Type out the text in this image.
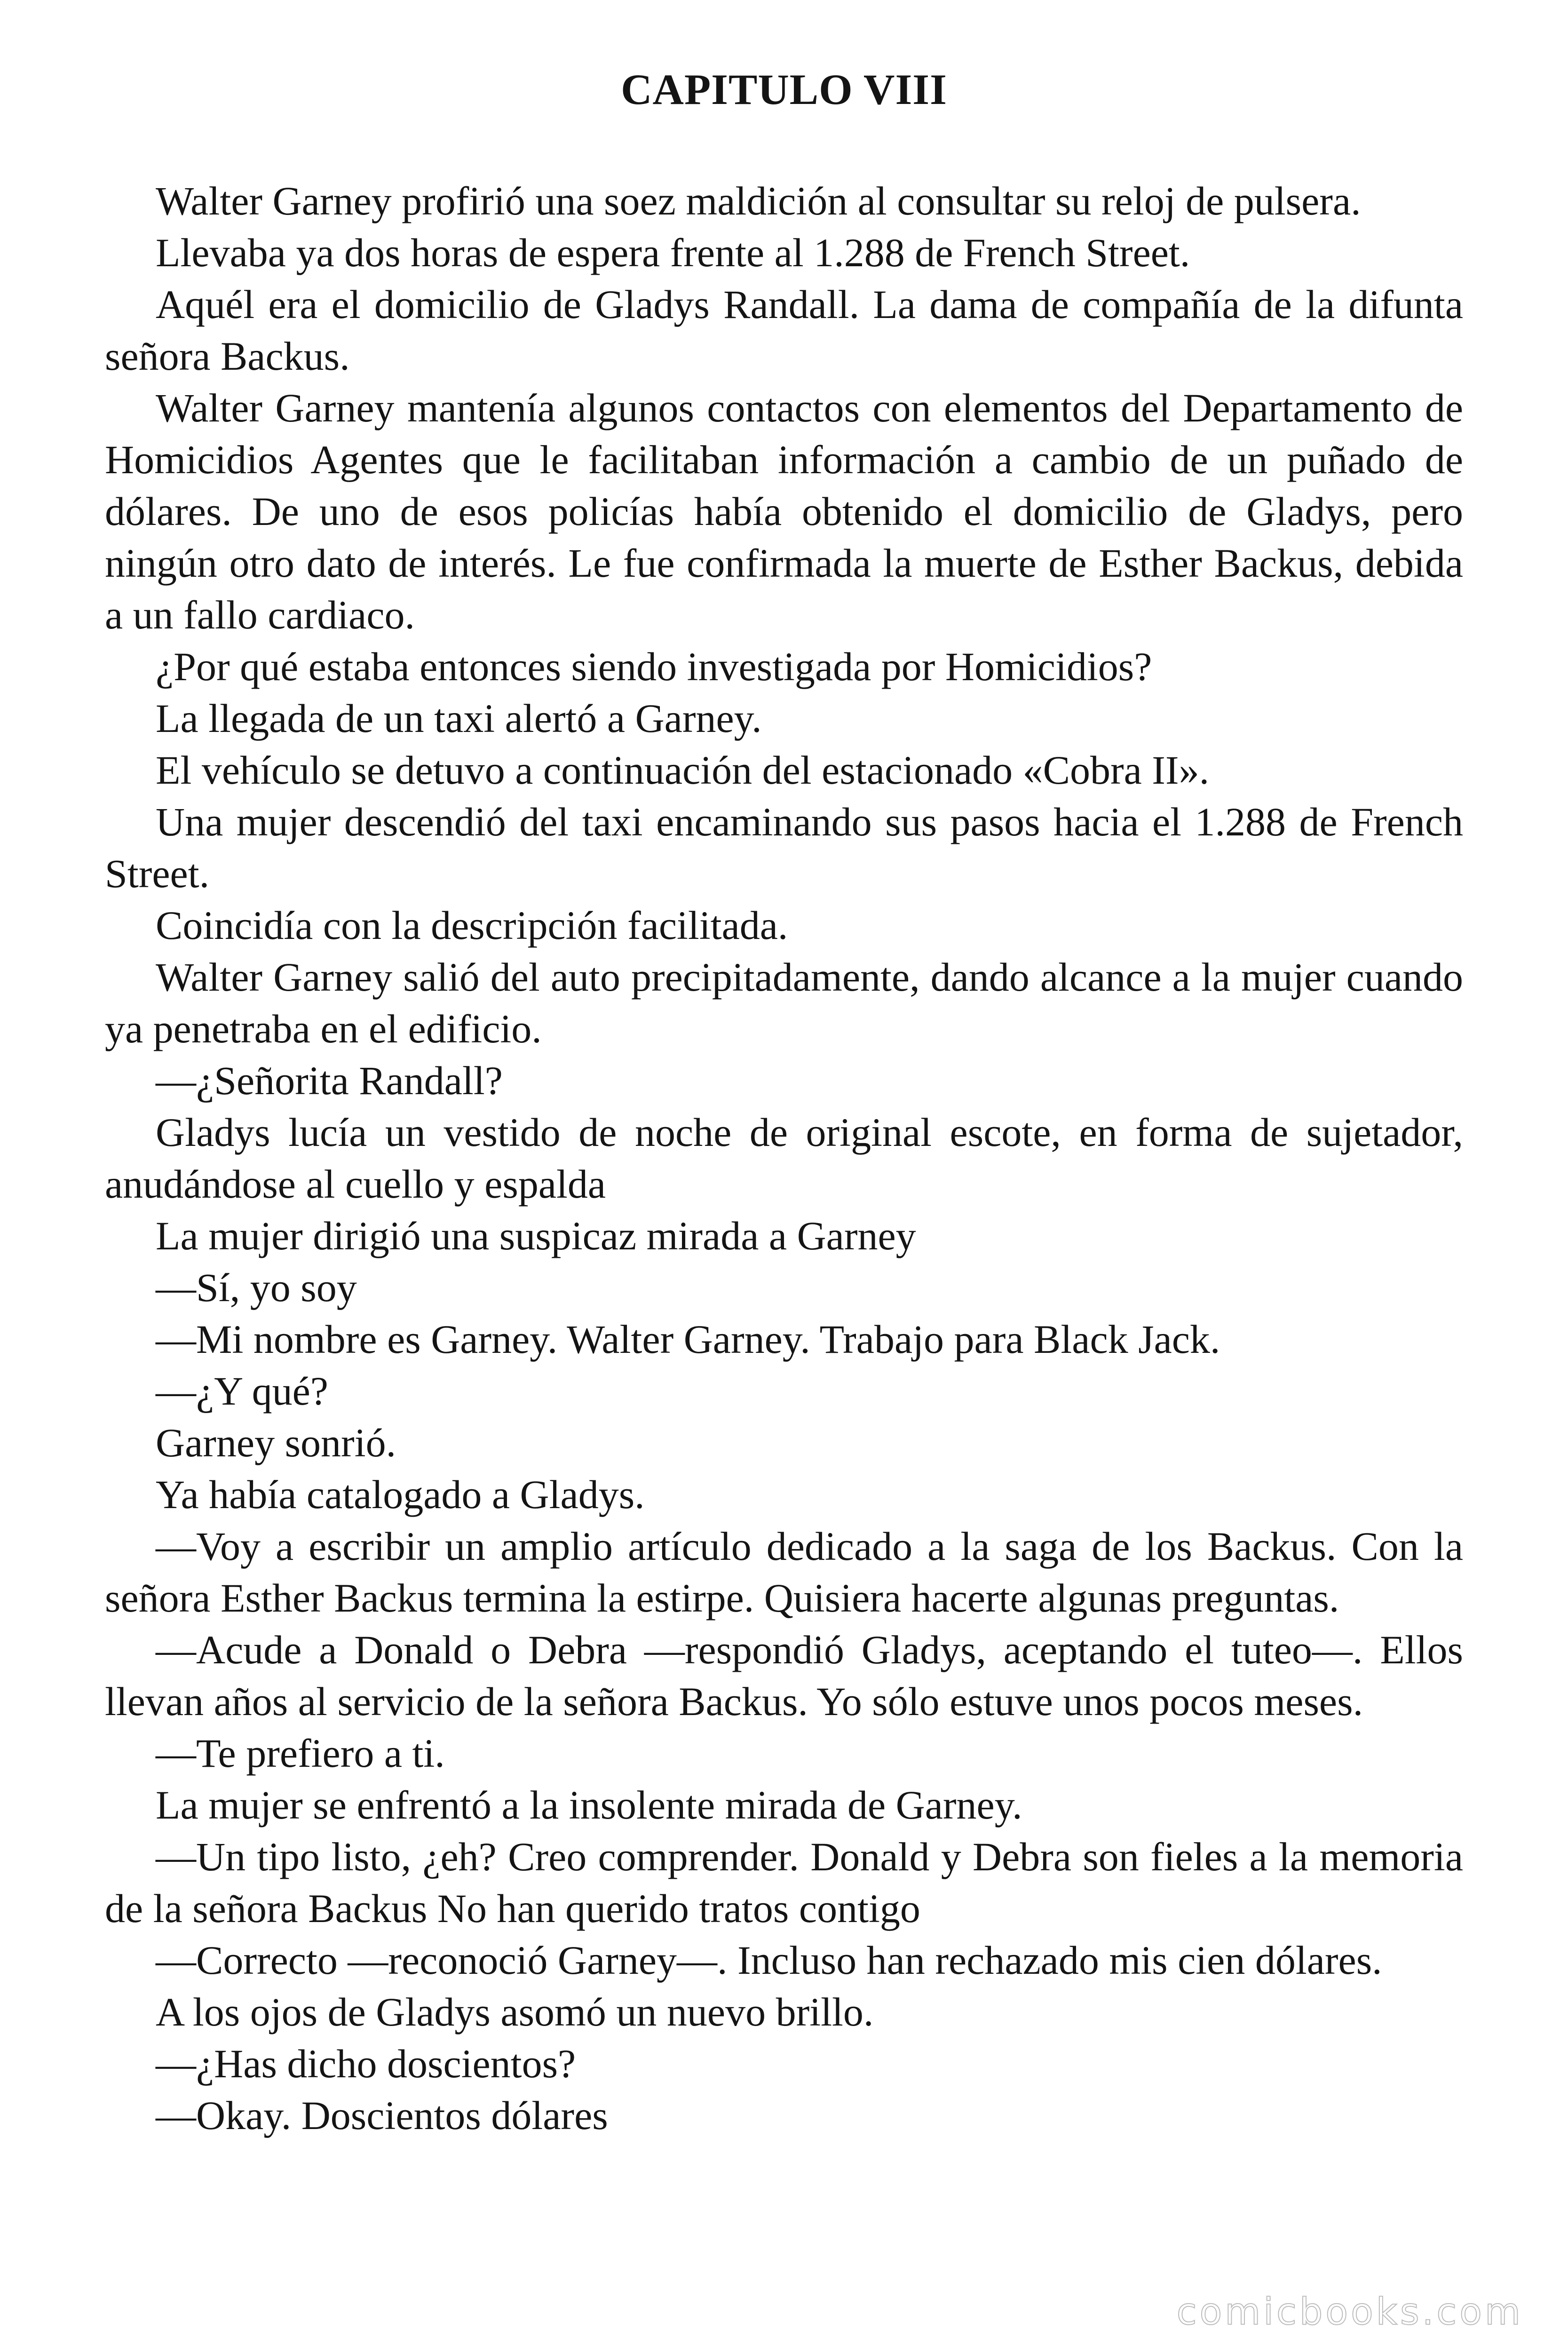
CAPITULO VIII

Walter Garney profirió una soez maldición al consultar su reloj de pulsera.

Llevaba ya dos horas de espera frente al 1.288 de French Street.

Aquél era el domicilio de Gladys Randall. La dama de compañía de la difunta señora Backus.

Walter Garney mantenía algunos contactos con elementos del Departamento de Homicidios Agentes que le facilitaban información a cambio de un puñado de dólares. De uno de esos policías había obtenido el domicilio de Gladys, pero ningún otro dato de interés. Le fue confirmada la muerte de Esther Backus, debida a un fallo cardiaco.

¿Por qué estaba entonces siendo investigada por Homicidios?

La llegada de un taxi alertó a Garney.

El vehículo se detuvo a continuación del estacionado «Cobra II».

Una mujer descendió del taxi encaminando sus pasos hacia el 1.288 de French Street.

Coincidía con la descripción facilitada.

Walter Garney salió del auto precipitadamente, dando alcance a la mujer cuando ya penetraba en el edificio.

—¿Señorita Randall?

Gladys lucía un vestido de noche de original escote, en forma de sujetador, anudándose al cuello y espalda

La mujer dirigió una suspicaz mirada a Garney

—Sí, yo soy

—Mi nombre es Garney. Walter Garney. Trabajo para Black Jack.

—¿Y qué?

Garney sonrió.

Ya había catalogado a Gladys.

—Voy a escribir un amplio artículo dedicado a la saga de los Backus. Con la señora Esther Backus termina la estirpe. Quisiera hacerte algunas preguntas.

—Acude a Donald o Debra —respondió Gladys, aceptando el tuteo—. Ellos llevan años al servicio de la señora Backus. Yo sólo estuve unos pocos meses.

—Te prefiero a ti.

La mujer se enfrentó a la insolente mirada de Garney.

—Un tipo listo, ¿eh? Creo comprender. Donald y Debra son fieles a la memoria de la señora Backus No han querido tratos contigo

—Correcto —reconoció Garney—. Incluso han rechazado mis cien dólares.

A los ojos de Gladys asomó un nuevo brillo.

—¿Has dicho doscientos?

—Okay. Doscientos dólares

comicbooks.com
